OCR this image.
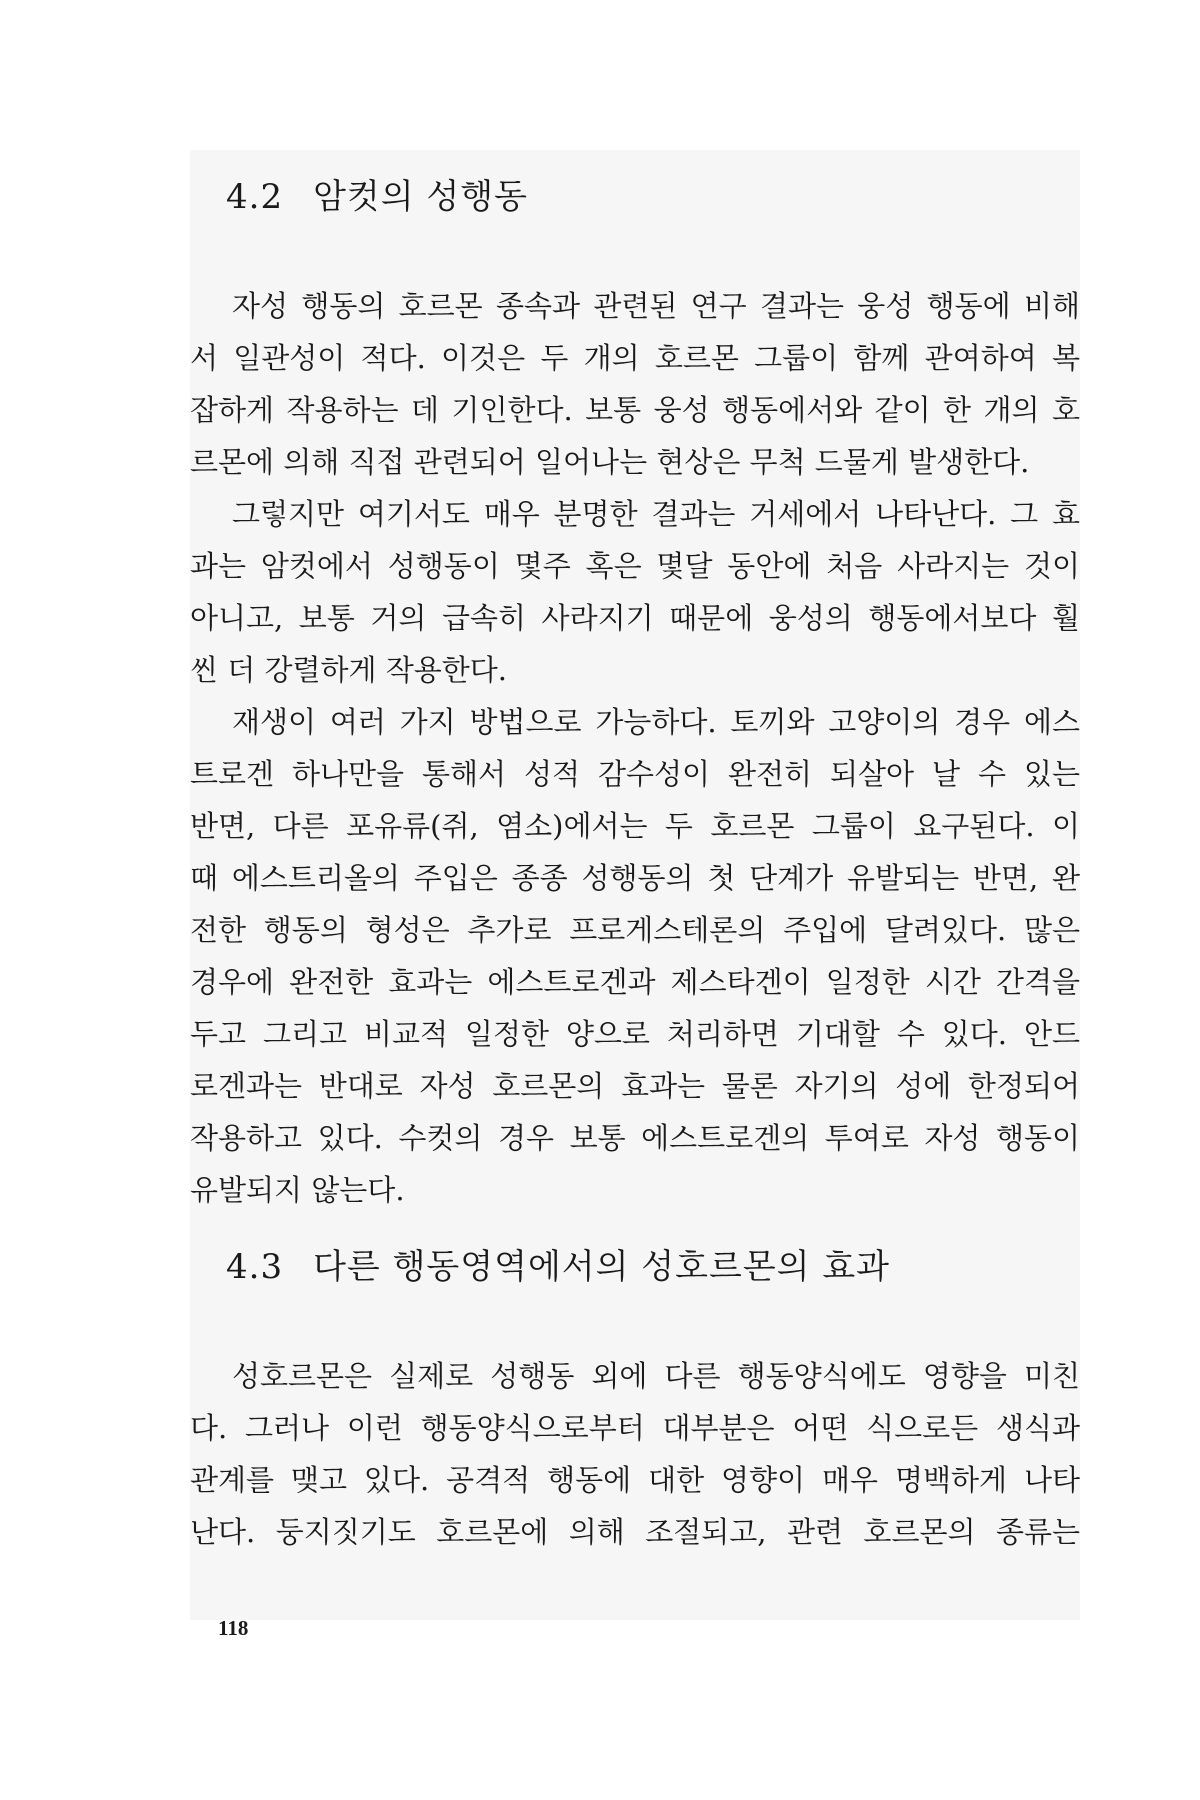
4.2 암컷의 성행동
자성 행동의 호르몬 종속과 관련된 연구 결과는 웅성 행동에 비해
서 일관성이 적다. 이것은 두 개의 호르몬 그룹이 함께 관여하여 복
잡하게 작용하는 데 기인한다. 보통 웅성 행동에서와 같이 한 개의 호
르몬에 의해 직접 관련되어 일어나는 현상은 무척 드물게 발생한다.
그렇지만 여기서도 매우 분명한 결과는 거세에서 나타난다. 그 효
과는 암컷에서 성행동이 몇주 혹은 몇달 동안에 처음 사라지는 것이
아니고, 보통 거의 급속히 사라지기 때문에 웅성의 행동에서보다 훨
씬 더 강렬하게 작용한다.
재생이 여러 가지 방법으로 가능하다. 토끼와 고양이의 경우 에스
트로겐 하나만을 통해서 성적 감수성이 완전히 되살아 날 수 있는
반면, 다른 포유류(쥐, 염소)에서는 두 호르몬 그룹이 요구된다. 이
때 에스트리올의 주입은 종종 성행동의 첫 단계가 유발되는 반면, 완
전한 행동의 형성은 추가로 프로게스테론의 주입에 달려있다. 많은
경우에 완전한 효과는 에스트로겐과 제스타겐이 일정한 시간 간격을
두고 그리고 비교적 일정한 양으로 처리하면 기대할 수 있다. 안드
로겐과는 반대로 자성 호르몬의 효과는 물론 자기의 성에 한정되어
작용하고 있다. 수컷의 경우 보통 에스트로겐의 투여로 자성 행동이
유발되지 않는다.
4.3 다른 행동영역에서의 성호르몬의 효과
성호르몬은 실제로 성행동 외에 다른 행동양식에도 영향을 미친
다. 그러나 이런 행동양식으로부터 대부분은 어떤 식으로든 생식과
관계를 맺고 있다. 공격적 행동에 대한 영향이 매우 명백하게 나타
난다. 둥지짓기도 호르몬에 의해 조절되고, 관련 호르몬의 종류는
118
